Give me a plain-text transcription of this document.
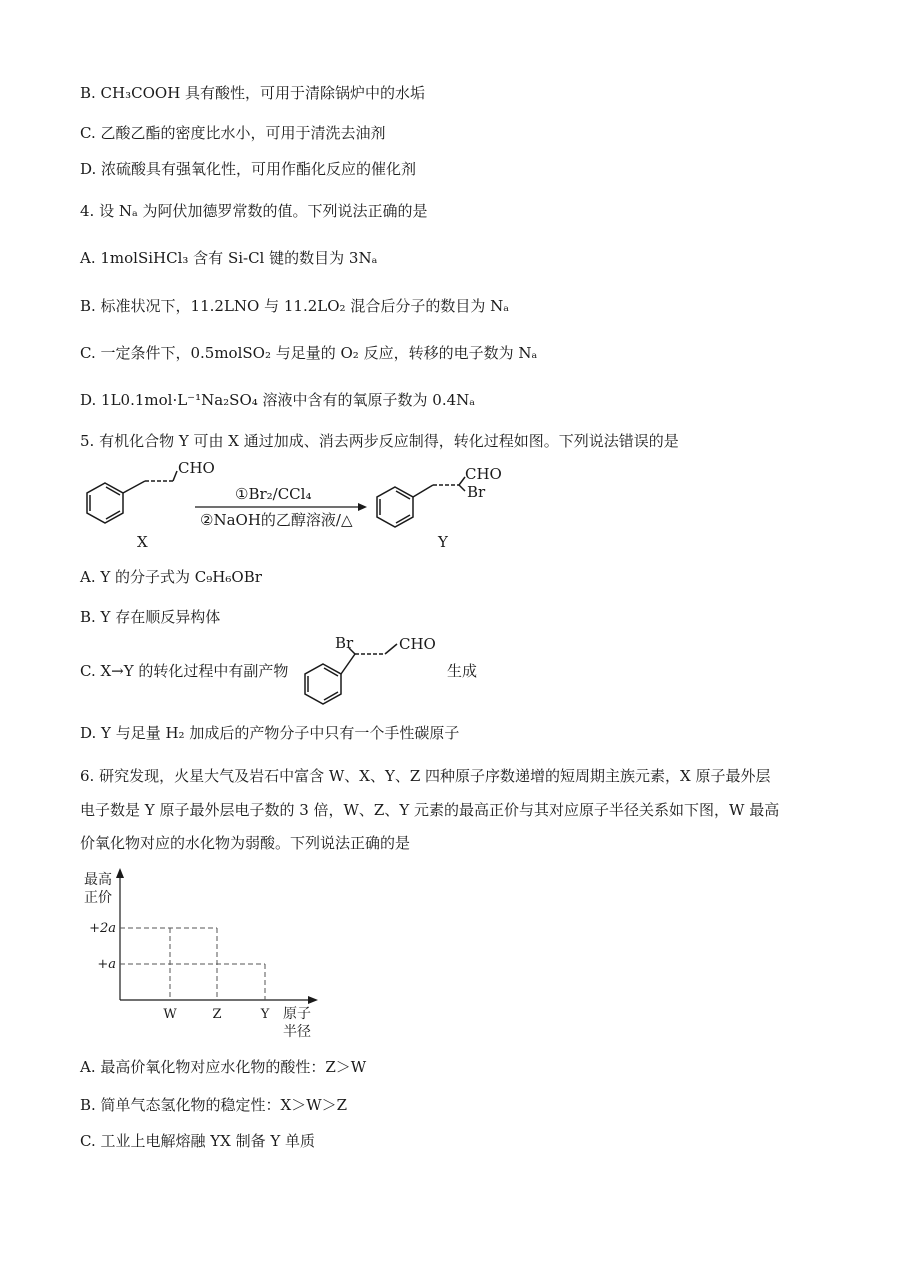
B. CH₃COOH 具有酸性，可用于清除锅炉中的水垢
C. 乙酸乙酯的密度比水小，可用于清洗去油剂
D. 浓硫酸具有强氧化性，可用作酯化反应的催化剂
4. 设 Nₐ 为阿伏加德罗常数的值。下列说法正确的是
A. 1molSiHCl₃ 含有 Si-Cl 键的数目为 3Nₐ
B. 标准状况下，11.2LNO 与 11.2LO₂ 混合后分子的数目为 Nₐ
C. 一定条件下，0.5molSO₂ 与足量的 O₂ 反应，转移的电子数为 Nₐ
D. 1L0.1mol·L⁻¹Na₂SO₄ 溶液中含有的氧原子数为 0.4Nₐ
5. 有机化合物 Y 可由 X 通过加成、消去两步反应制得，转化过程如图。下列说法错误的是
CHO
①Br₂/CCl₄
②NaOH的乙醇溶液/△
CHO
Br
X	Y
A. Y 的分子式为 C₉H₆OBr
B. Y 存在顺反异构体
C. X→Y 的转化过程中有副产物
Br	CHO
生成
D. Y 与足量 H₂ 加成后的产物分子中只有一个手性碳原子
6. 研究发现，火星大气及岩石中富含 W、X、Y、Z 四种原子序数递增的短周期主族元素，X 原子最外层
电子数是 Y 原子最外层电子数的 3 倍，W、Z、Y 元素的最高正价与其对应原子半径关系如下图，W 最高
价氧化物对应的水化物为弱酸。下列说法正确的是
最高
正价
+2a
+a
W	Z	Y 原子
半径
A. 最高价氧化物对应水化物的酸性：Z＞W
B. 简单气态氢化物的稳定性：X＞W＞Z
C. 工业上电解熔融 YX 制备 Y 单质
